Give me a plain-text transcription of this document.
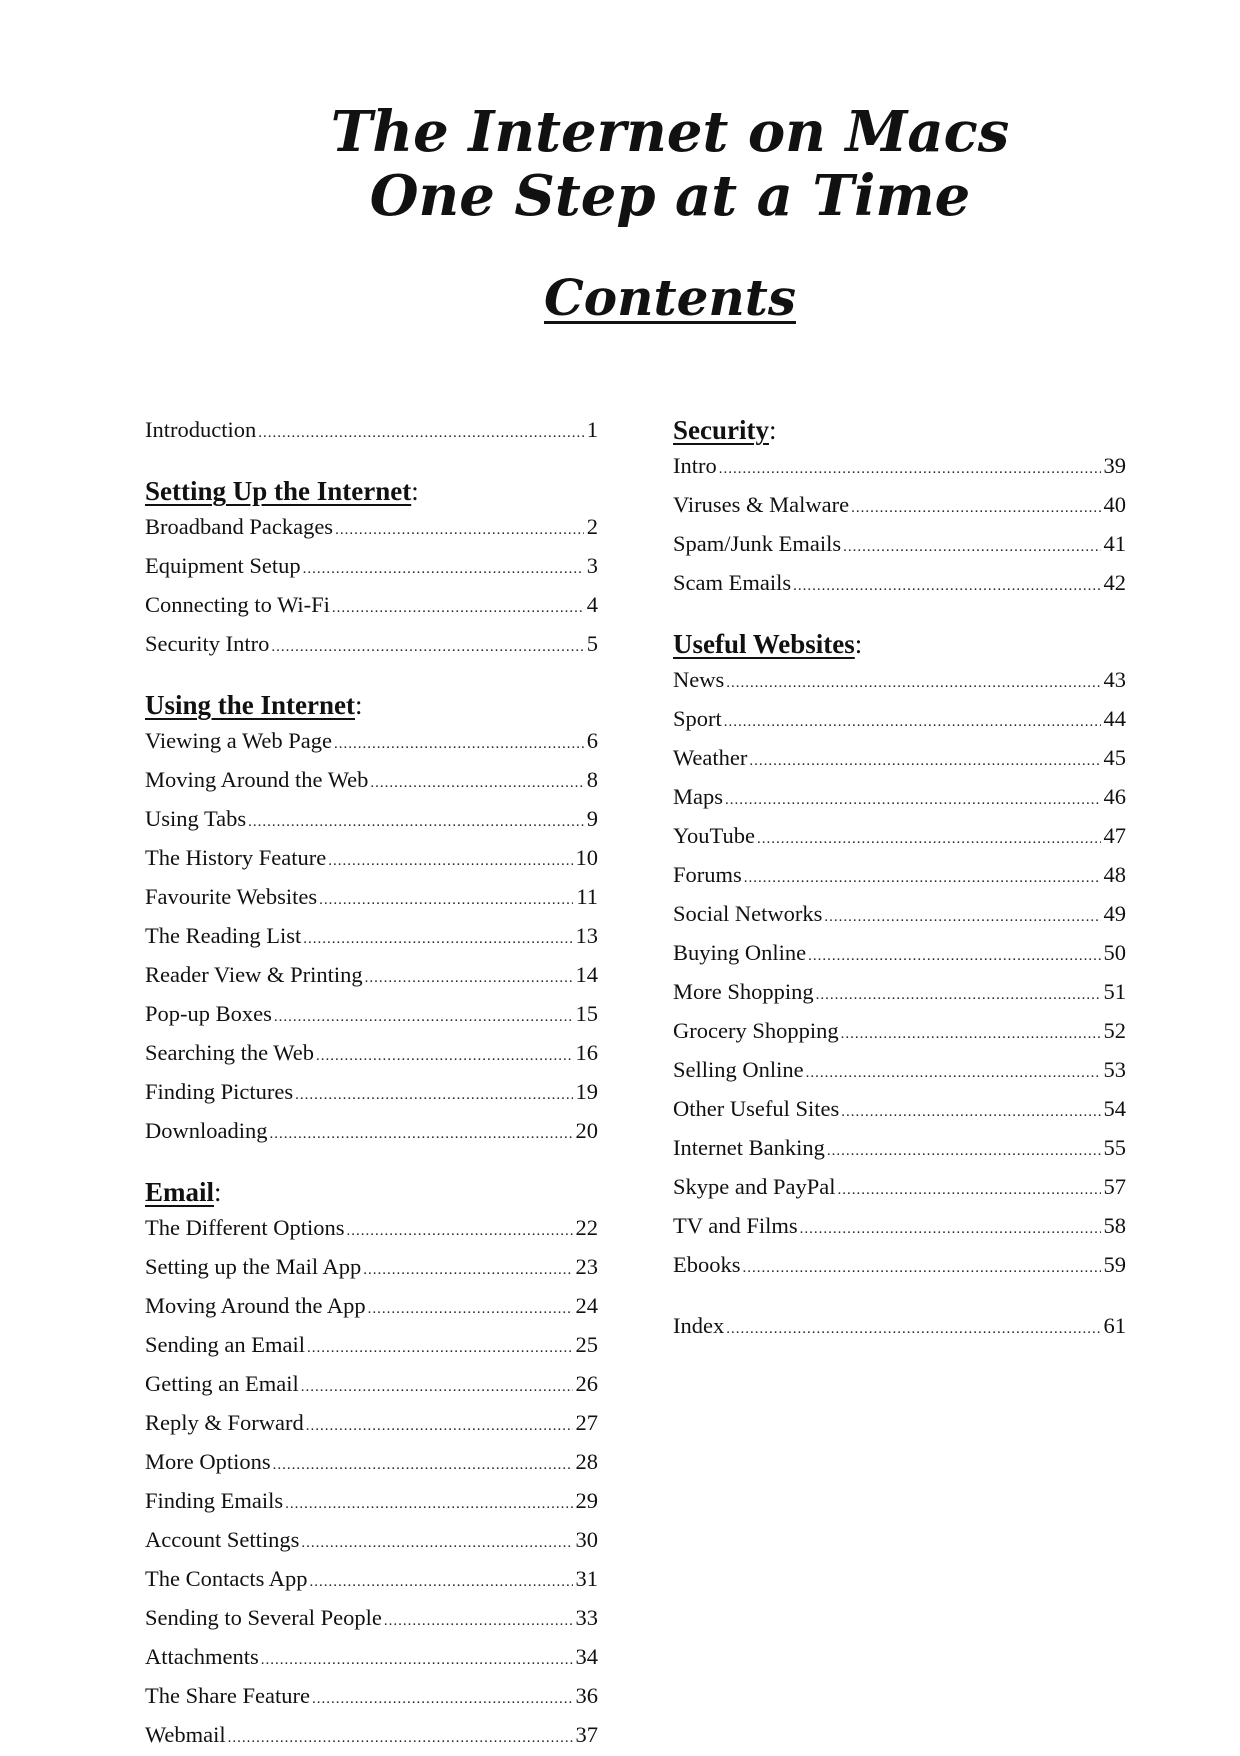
The Internet on Macs
One Step at a Time
Contents
Introduction .....	1
Setting Up the Internet:
Broadband Packages .....	2
Equipment Setup .....	3
Connecting to Wi-Fi .....	4
Security Intro .....	5
Using the Internet:
Viewing a Web Page .....	6
Moving Around the Web .....	8
Using Tabs .....	9
The History Feature .....	10
Favourite Websites .....	11
The Reading List .....	13
Reader View & Printing .....	14
Pop-up Boxes .....	15
Searching the Web .....	16
Finding Pictures .....	19
Downloading .....	20
Email:
The Different Options .....	22
Setting up the Mail App .....	23
Moving Around the App .....	24
Sending an Email .....	25
Getting an Email .....	26
Reply & Forward .....	27
More Options .....	28
Finding Emails .....	29
Account Settings .....	30
The Contacts App .....	31
Sending to Several People .....	33
Attachments .....	34
The Share Feature .....	36
Webmail .....	37
Security:
Intro .....	39
Viruses & Malware .....	40
Spam/Junk Emails .....	41
Scam Emails .....	42
Useful Websites:
News .....	43
Sport .....	44
Weather .....	45
Maps .....	46
YouTube .....	47
Forums .....	48
Social Networks .....	49
Buying Online .....	50
More Shopping .....	51
Grocery Shopping .....	52
Selling Online .....	53
Other Useful Sites .....	54
Internet Banking .....	55
Skype and PayPal .....	57
TV and Films .....	58
Ebooks .....	59
Index .....	61
